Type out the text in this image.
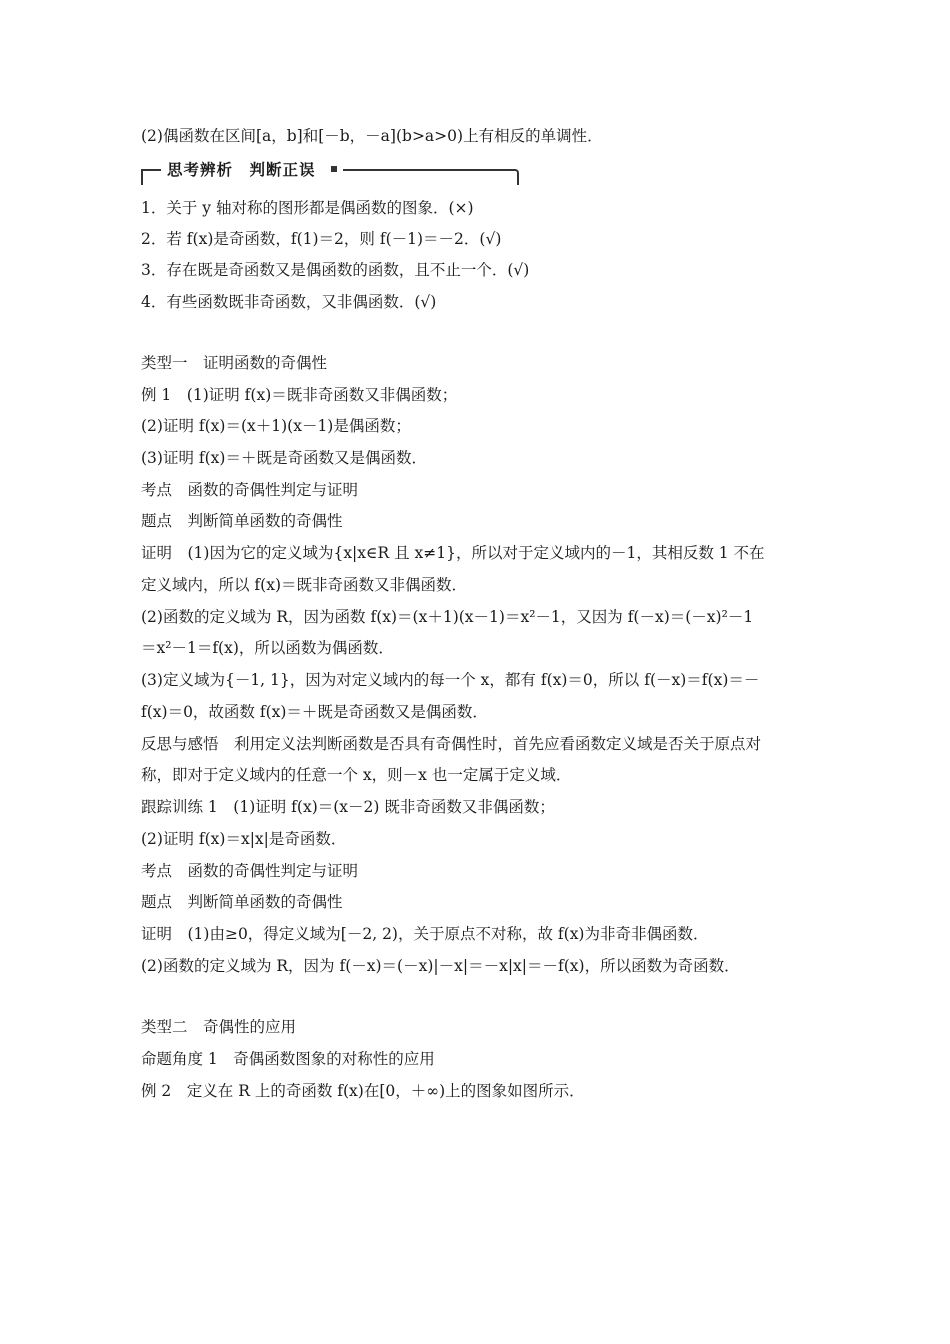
(2)偶函数在区间[a，b]和[－b，－a](b>a>0)上有相反的单调性．
思考辨析　判断正误
1．关于 y 轴对称的图形都是偶函数的图象．(×)
2．若 f(x)是奇函数，f(1)＝2，则 f(－1)＝－2．(√)
3．存在既是奇函数又是偶函数的函数，且不止一个．(√)
4．有些函数既非奇函数，又非偶函数．(√)
类型一　证明函数的奇偶性
例 1　(1)证明 f(x)＝既非奇函数又非偶函数；
(2)证明 f(x)＝(x＋1)(x－1)是偶函数；
(3)证明 f(x)＝＋既是奇函数又是偶函数．
考点　函数的奇偶性判定与证明
题点　判断简单函数的奇偶性
证明　(1)因为它的定义域为{x|x∈R 且 x≠1}，所以对于定义域内的－1，其相反数 1 不在
定义域内，所以 f(x)＝既非奇函数又非偶函数．
(2)函数的定义域为 R，因为函数 f(x)＝(x＋1)(x－1)＝x²－1，又因为 f(－x)＝(－x)²－1
＝x²－1＝f(x)，所以函数为偶函数．
(3)定义域为{－1, 1}，因为对定义域内的每一个 x，都有 f(x)＝0，所以 f(－x)＝f(x)＝－
f(x)＝0，故函数 f(x)＝＋既是奇函数又是偶函数．
反思与感悟　利用定义法判断函数是否具有奇偶性时，首先应看函数定义域是否关于原点对
称，即对于定义域内的任意一个 x，则－x 也一定属于定义域．
跟踪训练 1　(1)证明 f(x)＝(x－2) 既非奇函数又非偶函数；
(2)证明 f(x)＝x|x|是奇函数．
考点　函数的奇偶性判定与证明
题点　判断简单函数的奇偶性
证明　(1)由≥0，得定义域为[－2, 2)，关于原点不对称，故 f(x)为非奇非偶函数．
(2)函数的定义域为 R，因为 f(－x)＝(－x)|－x|＝－x|x|＝－f(x)，所以函数为奇函数．
类型二　奇偶性的应用
命题角度 1　奇偶函数图象的对称性的应用
例 2　定义在 R 上的奇函数 f(x)在[0，＋∞)上的图象如图所示．
